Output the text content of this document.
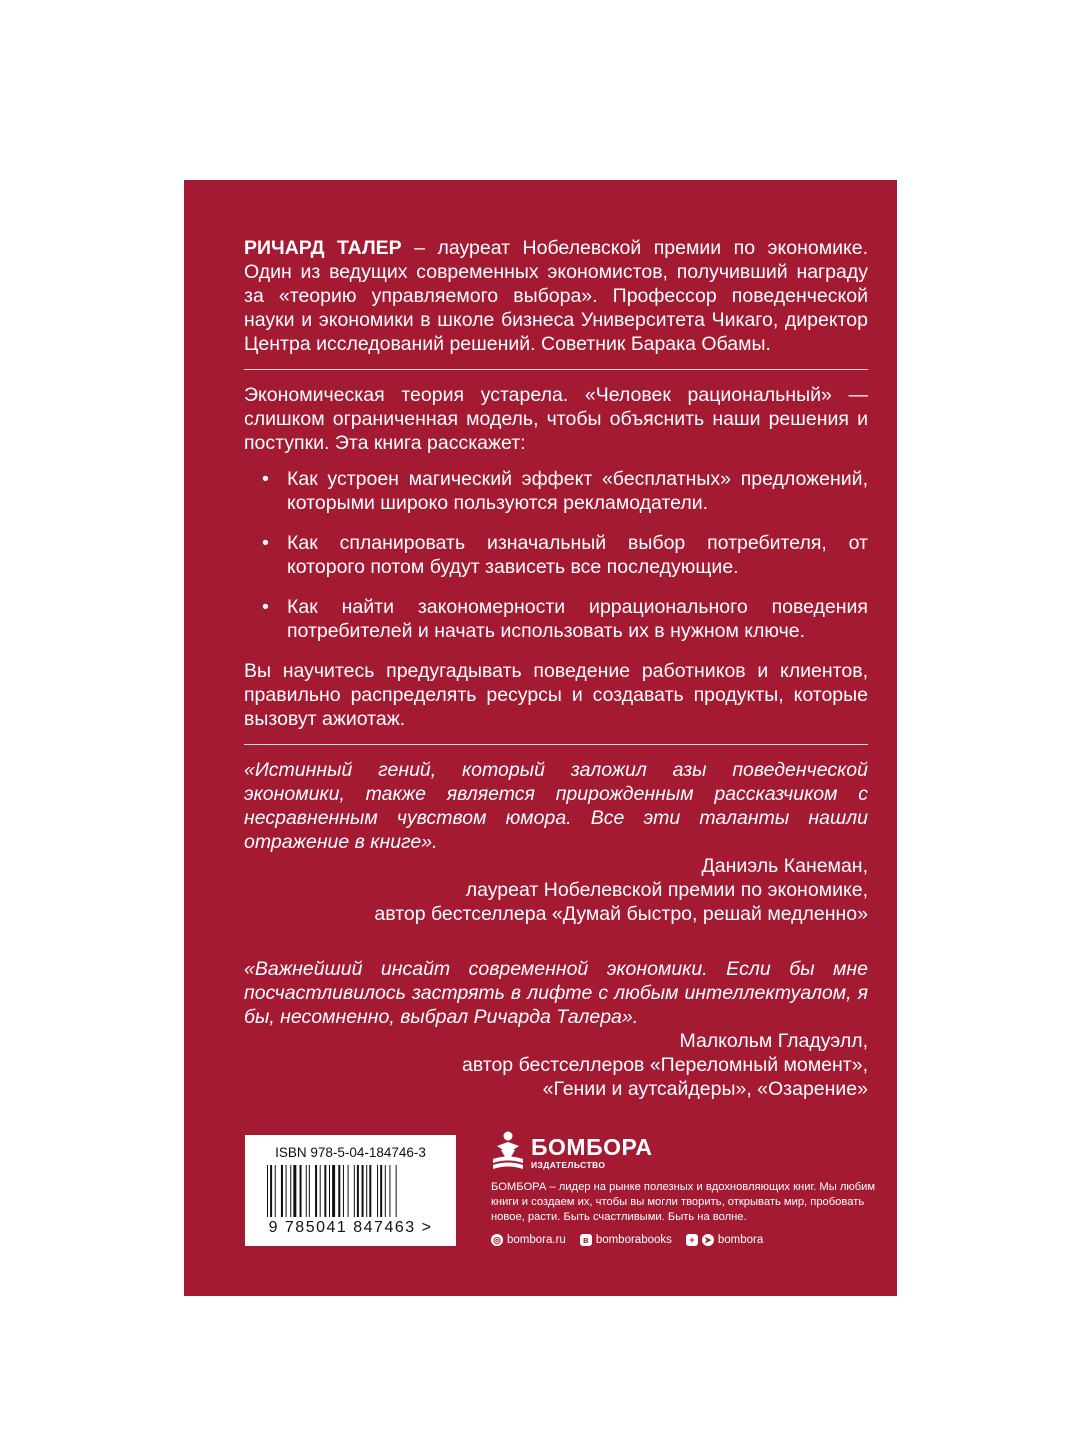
РИЧАРД ТАЛЕР – лауреат Нобелевской премии по экономике. Один из ведущих современных экономистов, получивший награду за «теорию управляемого выбора». Профессор поведенческой науки и экономики в школе бизнеса Университета Чикаго, директор Центра исследований решений. Советник Барака Обамы.

Экономическая теория устарела. «Человек рациональный» — слишком ограниченная модель, чтобы объяснить наши решения и поступки. Эта книга расскажет:

• Как устроен магический эффект «бесплатных» предложений, которыми широко пользуются рекламодатели.
• Как спланировать изначальный выбор потребителя, от которого потом будут зависеть все последующие.
• Как найти закономерности иррационального поведения потребителей и начать использовать их в нужном ключе.

Вы научитесь предугадывать поведение работников и клиентов, правильно распределять ресурсы и создавать продукты, которые вызовут ажиотаж.

«Истинный гений, который заложил азы поведенческой экономики, также является прирожденным рассказчиком с несравненным чувством юмора. Все эти таланты нашли отражение в книге».

Даниэль Канеман,
лауреат Нобелевской премии по экономике,
автор бестселлера «Думай быстро, решай медленно»

«Важнейший инсайт современной экономики. Если бы мне посчастливилось застрять в лифте с любым интеллектуалом, я бы, несомненно, выбрал Ричарда Талера».

Малкольм Гладуэлл,
автор бестселлеров «Переломный момент»,
«Гении и аутсайдеры», «Озарение»

ISBN 978-5-04-184746-3
9 785041 847463 >
БОМБОРА
ИЗДАТЕЛЬСТВО
БОМБОРА – лидер на рынке полезных и вдохновляющих книг. Мы любим книги и создаем их, чтобы вы могли творить, открывать мир, пробовать новое, расти. Быть счастливыми. Быть на волне.
◎ bombora.ru	в bomborabooks	+	➤ bombora
